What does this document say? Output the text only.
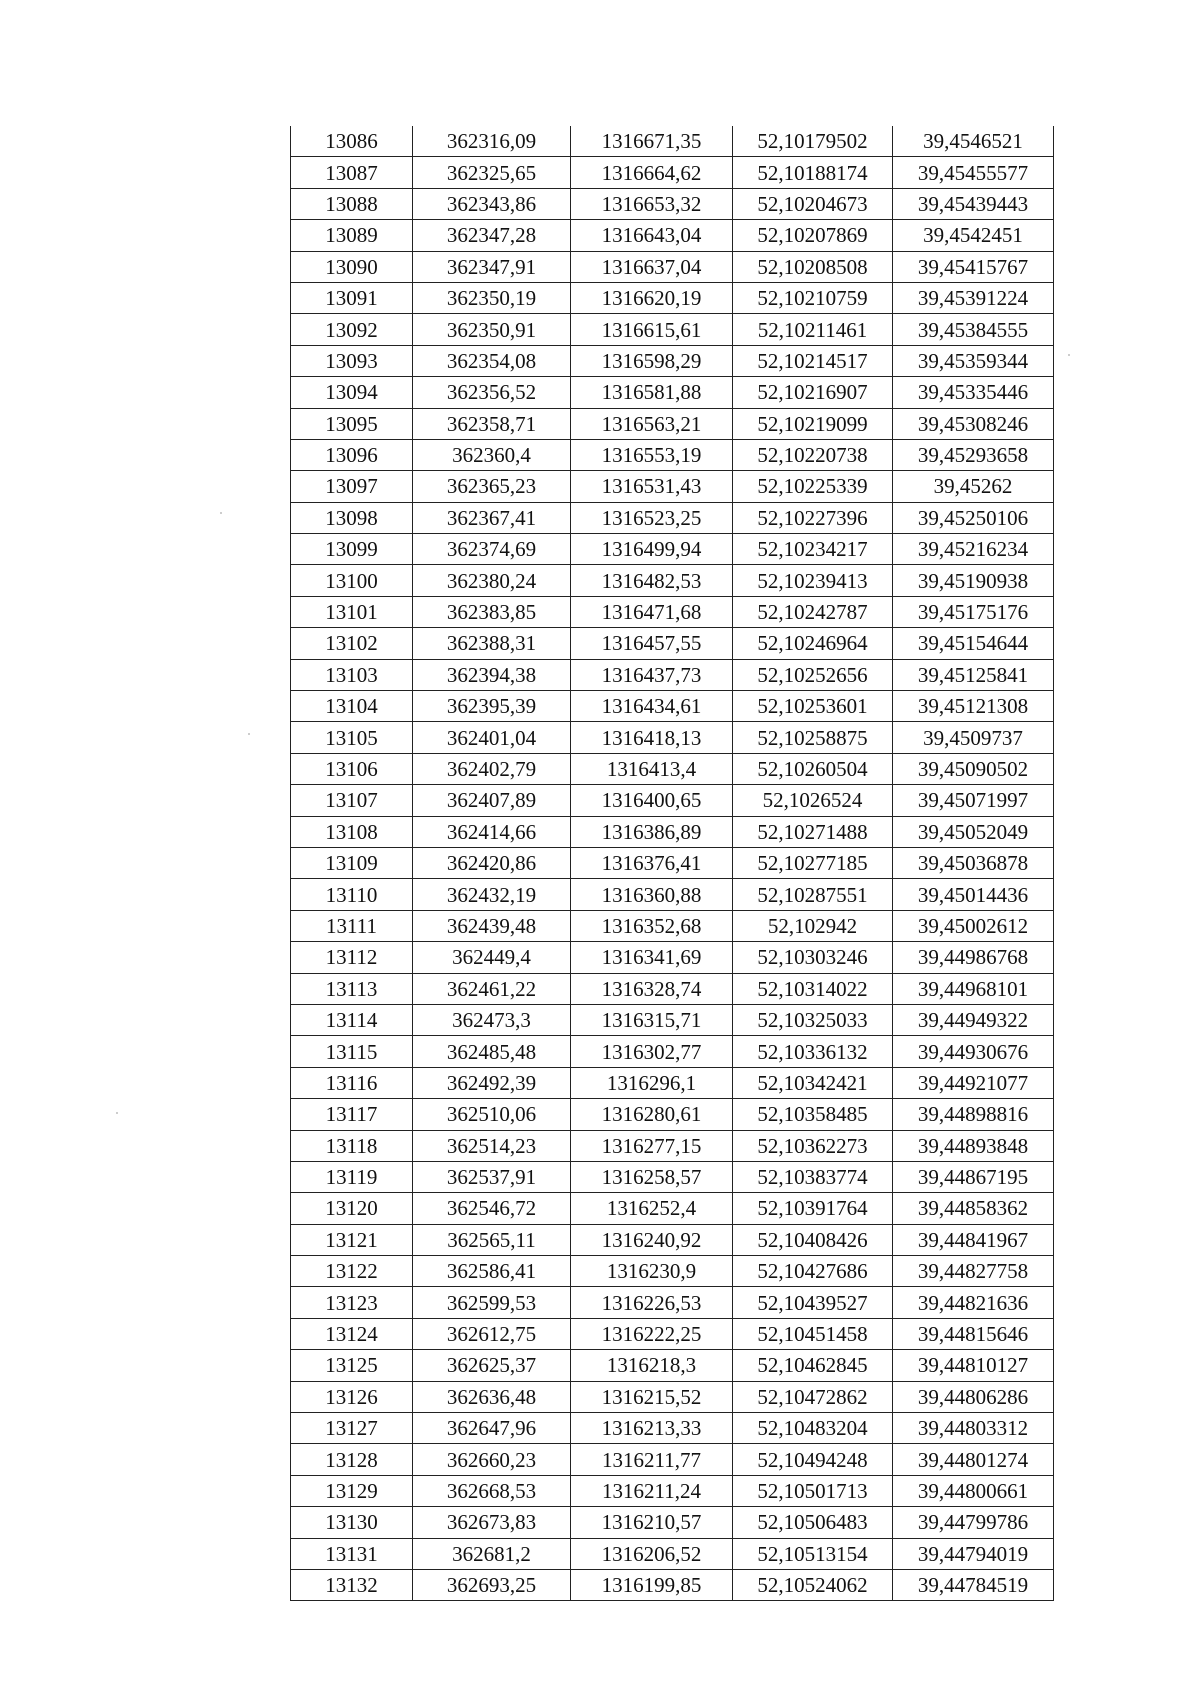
13086	362316,09	1316671,35	52,10179502	39,4546521
13087	362325,65	1316664,62	52,10188174	39,45455577
13088	362343,86	1316653,32	52,10204673	39,45439443
13089	362347,28	1316643,04	52,10207869	39,4542451
13090	362347,91	1316637,04	52,10208508	39,45415767
13091	362350,19	1316620,19	52,10210759	39,45391224
13092	362350,91	1316615,61	52,10211461	39,45384555
13093	362354,08	1316598,29	52,10214517	39,45359344
13094	362356,52	1316581,88	52,10216907	39,45335446
13095	362358,71	1316563,21	52,10219099	39,45308246
13096	362360,4	1316553,19	52,10220738	39,45293658
13097	362365,23	1316531,43	52,10225339	39,45262
13098	362367,41	1316523,25	52,10227396	39,45250106
13099	362374,69	1316499,94	52,10234217	39,45216234
13100	362380,24	1316482,53	52,10239413	39,45190938
13101	362383,85	1316471,68	52,10242787	39,45175176
13102	362388,31	1316457,55	52,10246964	39,45154644
13103	362394,38	1316437,73	52,10252656	39,45125841
13104	362395,39	1316434,61	52,10253601	39,45121308
13105	362401,04	1316418,13	52,10258875	39,4509737
13106	362402,79	1316413,4	52,10260504	39,45090502
13107	362407,89	1316400,65	52,1026524	39,45071997
13108	362414,66	1316386,89	52,10271488	39,45052049
13109	362420,86	1316376,41	52,10277185	39,45036878
13110	362432,19	1316360,88	52,10287551	39,45014436
13111	362439,48	1316352,68	52,102942	39,45002612
13112	362449,4	1316341,69	52,10303246	39,44986768
13113	362461,22	1316328,74	52,10314022	39,44968101
13114	362473,3	1316315,71	52,10325033	39,44949322
13115	362485,48	1316302,77	52,10336132	39,44930676
13116	362492,39	1316296,1	52,10342421	39,44921077
13117	362510,06	1316280,61	52,10358485	39,44898816
13118	362514,23	1316277,15	52,10362273	39,44893848
13119	362537,91	1316258,57	52,10383774	39,44867195
13120	362546,72	1316252,4	52,10391764	39,44858362
13121	362565,11	1316240,92	52,10408426	39,44841967
13122	362586,41	1316230,9	52,10427686	39,44827758
13123	362599,53	1316226,53	52,10439527	39,44821636
13124	362612,75	1316222,25	52,10451458	39,44815646
13125	362625,37	1316218,3	52,10462845	39,44810127
13126	362636,48	1316215,52	52,10472862	39,44806286
13127	362647,96	1316213,33	52,10483204	39,44803312
13128	362660,23	1316211,77	52,10494248	39,44801274
13129	362668,53	1316211,24	52,10501713	39,44800661
13130	362673,83	1316210,57	52,10506483	39,44799786
13131	362681,2	1316206,52	52,10513154	39,44794019
13132	362693,25	1316199,85	52,10524062	39,44784519
